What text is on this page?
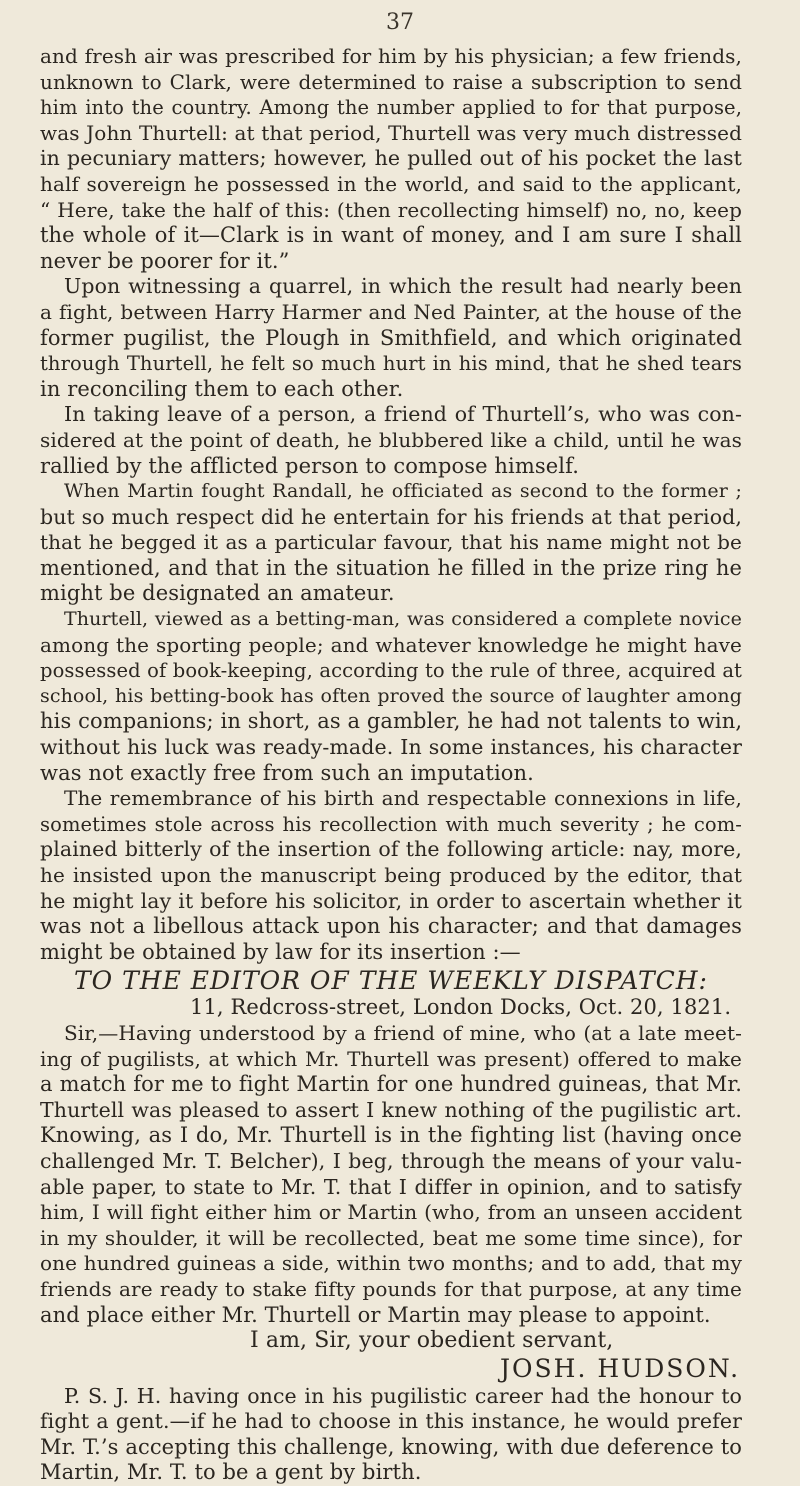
37
and fresh air was prescribed for him by his physician; a few friends,
unknown to Clark, were determined to raise a subscription to send
him into the country. Among the number applied to for that purpose,
was John Thurtell: at that period, Thurtell was very much distressed
in pecuniary matters; however, he pulled out of his pocket the last
half sovereign he possessed in the world, and said to the applicant,
“ Here, take the half of this: (then recollecting himself) no, no, keep
the whole of it—Clark is in want of money, and I am sure I shall
never be poorer for it.”
Upon witnessing a quarrel, in which the result had nearly been
a fight, between Harry Harmer and Ned Painter, at the house of the
former pugilist, the Plough in Smithfield, and which originated
through Thurtell, he felt so much hurt in his mind, that he shed tears
in reconciling them to each other.
In taking leave of a person, a friend of Thurtell’s, who was con-
sidered at the point of death, he blubbered like a child, until he was
rallied by the afflicted person to compose himself.
When Martin fought Randall, he officiated as second to the former ;
but so much respect did he entertain for his friends at that period,
that he begged it as a particular favour, that his name might not be
mentioned, and that in the situation he filled in the prize ring he
might be designated an amateur.
Thurtell, viewed as a betting-man, was considered a complete novice
among the sporting people; and whatever knowledge he might have
possessed of book-keeping, according to the rule of three, acquired at
school, his betting-book has often proved the source of laughter among
his companions; in short, as a gambler, he had not talents to win,
without his luck was ready-made. In some instances, his character
was not exactly free from such an imputation.
The remembrance of his birth and respectable connexions in life,
sometimes stole across his recollection with much severity ; he com-
plained bitterly of the insertion of the following article: nay, more,
he insisted upon the manuscript being produced by the editor, that
he might lay it before his solicitor, in order to ascertain whether it
was not a libellous attack upon his character; and that damages
might be obtained by law for its insertion :—
TO THE EDITOR OF THE WEEKLY DISPATCH:
11, Redcross-street, London Docks, Oct. 20, 1821.
Sir,—Having understood by a friend of mine, who (at a late meet-
ing of pugilists, at which Mr. Thurtell was present) offered to make
a match for me to fight Martin for one hundred guineas, that Mr.
Thurtell was pleased to assert I knew nothing of the pugilistic art.
Knowing, as I do, Mr. Thurtell is in the fighting list (having once
challenged Mr. T. Belcher), I beg, through the means of your valu-
able paper, to state to Mr. T. that I differ in opinion, and to satisfy
him, I will fight either him or Martin (who, from an unseen accident
in my shoulder, it will be recollected, beat me some time since), for
one hundred guineas a side, within two months; and to add, that my
friends are ready to stake fifty pounds for that purpose, at any time
and place either Mr. Thurtell or Martin may please to appoint.
I am, Sir, your obedient servant,
JOSH. HUDSON.
P. S. J. H. having once in his pugilistic career had the honour to
fight a gent.—if he had to choose in this instance, he would prefer
Mr. T.’s accepting this challenge, knowing, with due deference to
Martin, Mr. T. to be a gent by birth.
